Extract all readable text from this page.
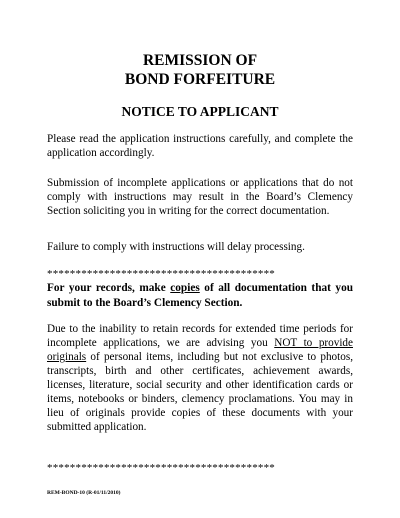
REMISSION OF
BOND FORFEITURE
NOTICE TO APPLICANT

Please read the application instructions carefully, and complete the application accordingly.

Submission of incomplete applications or applications that do not comply with instructions may result in the Board’s Clemency Section soliciting you in writing for the correct documentation.

Failure to comply with instructions will delay processing.

****************************************

For your records, make copies of all documentation that you submit to the Board’s Clemency Section.

Due to the inability to retain records for extended time periods for incomplete applications, we are advising you NOT to provide originals of personal items, including but not exclusive to photos, transcripts, birth and other certificates, achievement awards, licenses, literature, social security and other identification cards or items, notebooks or binders, clemency proclamations. You may in lieu of originals provide copies of these documents with your submitted application.

****************************************

REM-BOND-10 (R-01/11/2010)
